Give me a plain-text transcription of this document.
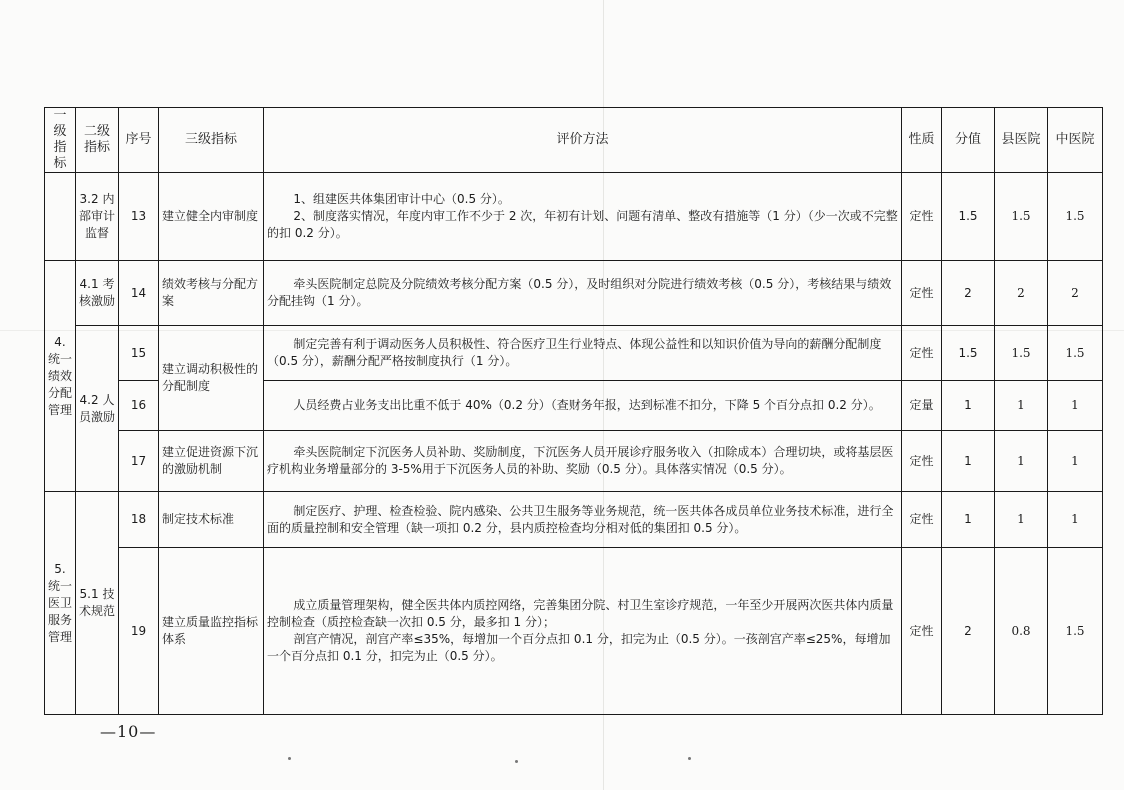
一级指标	二级指标	序号	三级指标	评价方法	性质	分值	县医院	中医院
	3.2 内部审计监督	13	建立健全内审制度	1、组建医共体集团审计中心（0.5 分）。

2、制度落实情况，年度内审工作不少于 2 次，年初有计划、问题有清单、整改有措施等（1 分）（少一次或不完整的扣 0.2 分）。	定性	1.5	1.5	1.5
4. 统一绩效分配管理	4.1 考核激励	14	绩效考核与分配方案	牵头医院制定总院及分院绩效考核分配方案（0.5 分），及时组织对分院进行绩效考核（0.5 分），考核结果与绩效分配挂钩（1 分）。	定性	2	2	2
	4.2 人员激励	15	建立调动积极性的分配制度	制定完善有利于调动医务人员积极性、符合医疗卫生行业特点、体现公益性和以知识价值为导向的薪酬分配制度（0.5 分），薪酬分配严格按制度执行（1 分）。	定性	1.5	1.5	1.5
		16		人员经费占业务支出比重不低于 40%（0.2 分）（查财务年报，达到标准不扣分，下降 5 个百分点扣 0.2 分）。	定量	1	1	1
		17	建立促进资源下沉的激励机制	牵头医院制定下沉医务人员补助、奖励制度，下沉医务人员开展诊疗服务收入（扣除成本）合理切块，或将基层医疗机构业务增量部分的 3-5%用于下沉医务人员的补助、奖励（0.5 分）。具体落实情况（0.5 分）。	定性	1	1	1
5. 统一医卫服务管理	5.1 技术规范	18	制定技术标准	制定医疗、护理、检查检验、院内感染、公共卫生服务等业务规范，统一医共体各成员单位业务技术标准，进行全面的质量控制和安全管理（缺一项扣 0.2 分，县内质控检查均分相对低的集团扣 0.5 分）。	定性	1	1	1
		19	建立质量监控指标体系	成立质量管理架构，健全医共体内质控网络，完善集团分院、村卫生室诊疗规范，一年至少开展两次医共体内质量控制检查（质控检查缺一次扣 0.5 分，最多扣 1 分）；

剖宫产情况，剖宫产率≤35%，每增加一个百分点扣 0.1 分，扣完为止（0.5 分）。一孩剖宫产率≤25%，每增加一个百分点扣 0.1 分，扣完为止（0.5 分）。	定性	2	0.8	1.5
—10—
